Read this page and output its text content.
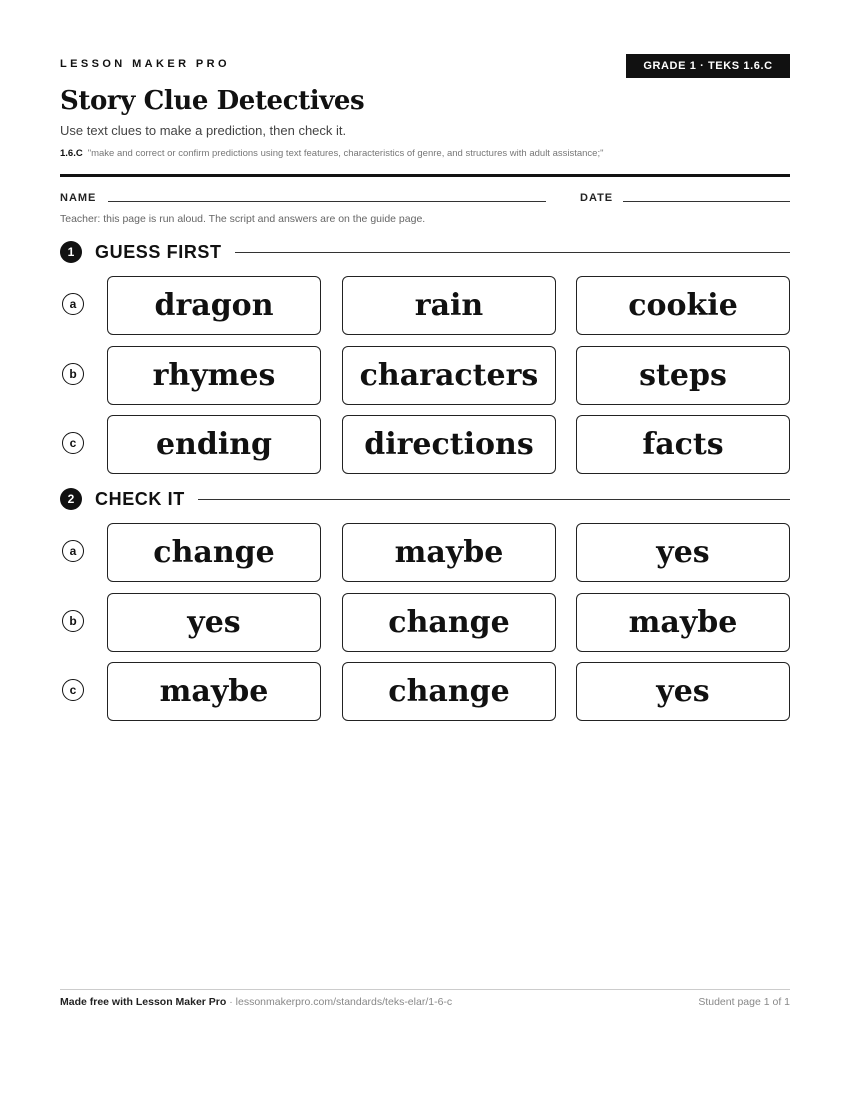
LESSON MAKER PRO	GRADE 1 · TEKS 1.6.C
Story Clue Detectives
Use text clues to make a prediction, then check it.
1.6.C "make and correct or confirm predictions using text features, characteristics of genre, and structures with adult assistance;"
NAME	DATE
Teacher: this page is run aloud. The script and answers are on the guide page.
1	GUESS FIRST
a	dragon	rain	cookie
b	rhymes	characters	steps
c	ending	directions	facts
2	CHECK IT
a	change	maybe	yes
b	yes	change	maybe
c	maybe	change	yes
Made free with Lesson Maker Pro · lessonmakerpro.com/standards/teks-elar/1-6-c	Student page 1 of 1
